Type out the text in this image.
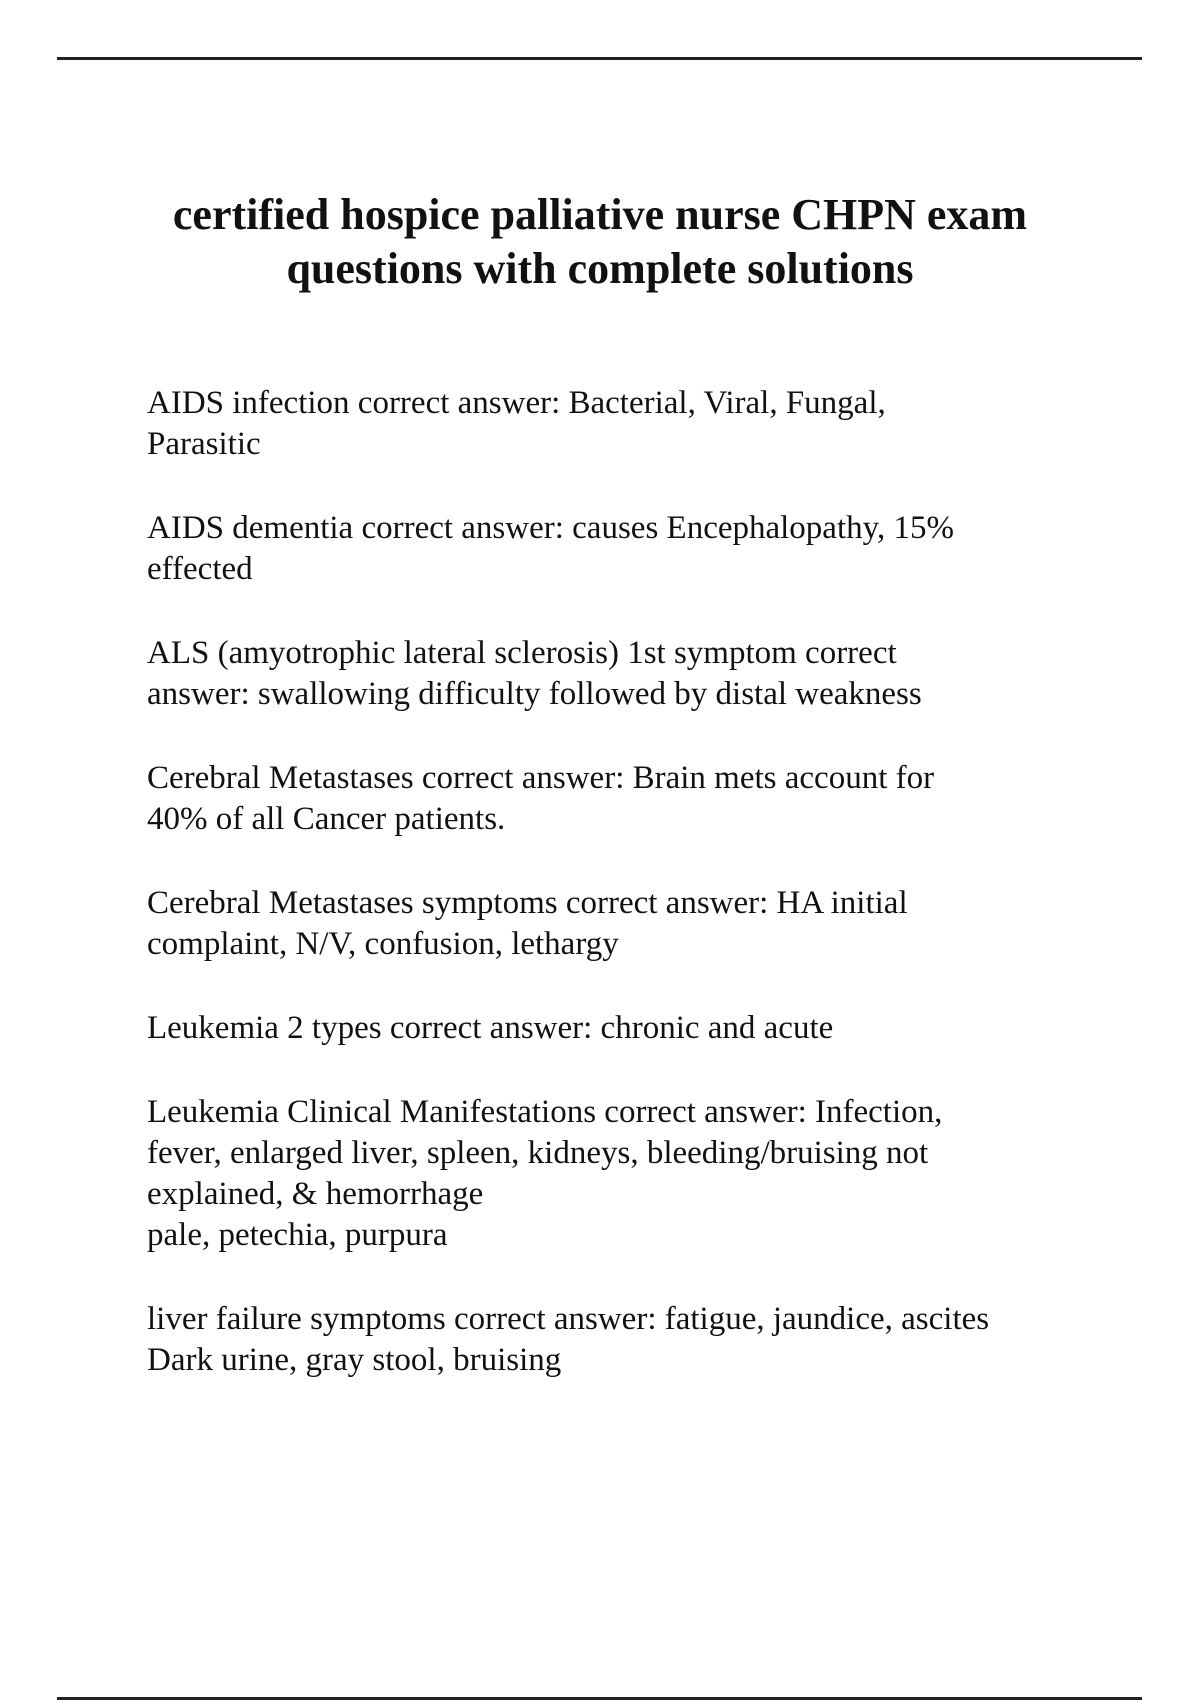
certified hospice palliative nurse CHPN exam
questions with complete solutions
AIDS infection correct answer: Bacterial, Viral, Fungal,
Parasitic
AIDS dementia correct answer: causes Encephalopathy, 15%
effected
ALS (amyotrophic lateral sclerosis) 1st symptom correct
answer: swallowing difficulty followed by distal weakness
Cerebral Metastases correct answer: Brain mets account for
40% of all Cancer patients.
Cerebral Metastases symptoms correct answer: HA initial
complaint, N/V, confusion, lethargy
Leukemia 2 types correct answer: chronic and acute
Leukemia Clinical Manifestations correct answer: Infection,
fever, enlarged liver, spleen, kidneys, bleeding/bruising not
explained, & hemorrhage
pale, petechia, purpura
liver failure symptoms correct answer: fatigue, jaundice, ascites
Dark urine, gray stool, bruising
